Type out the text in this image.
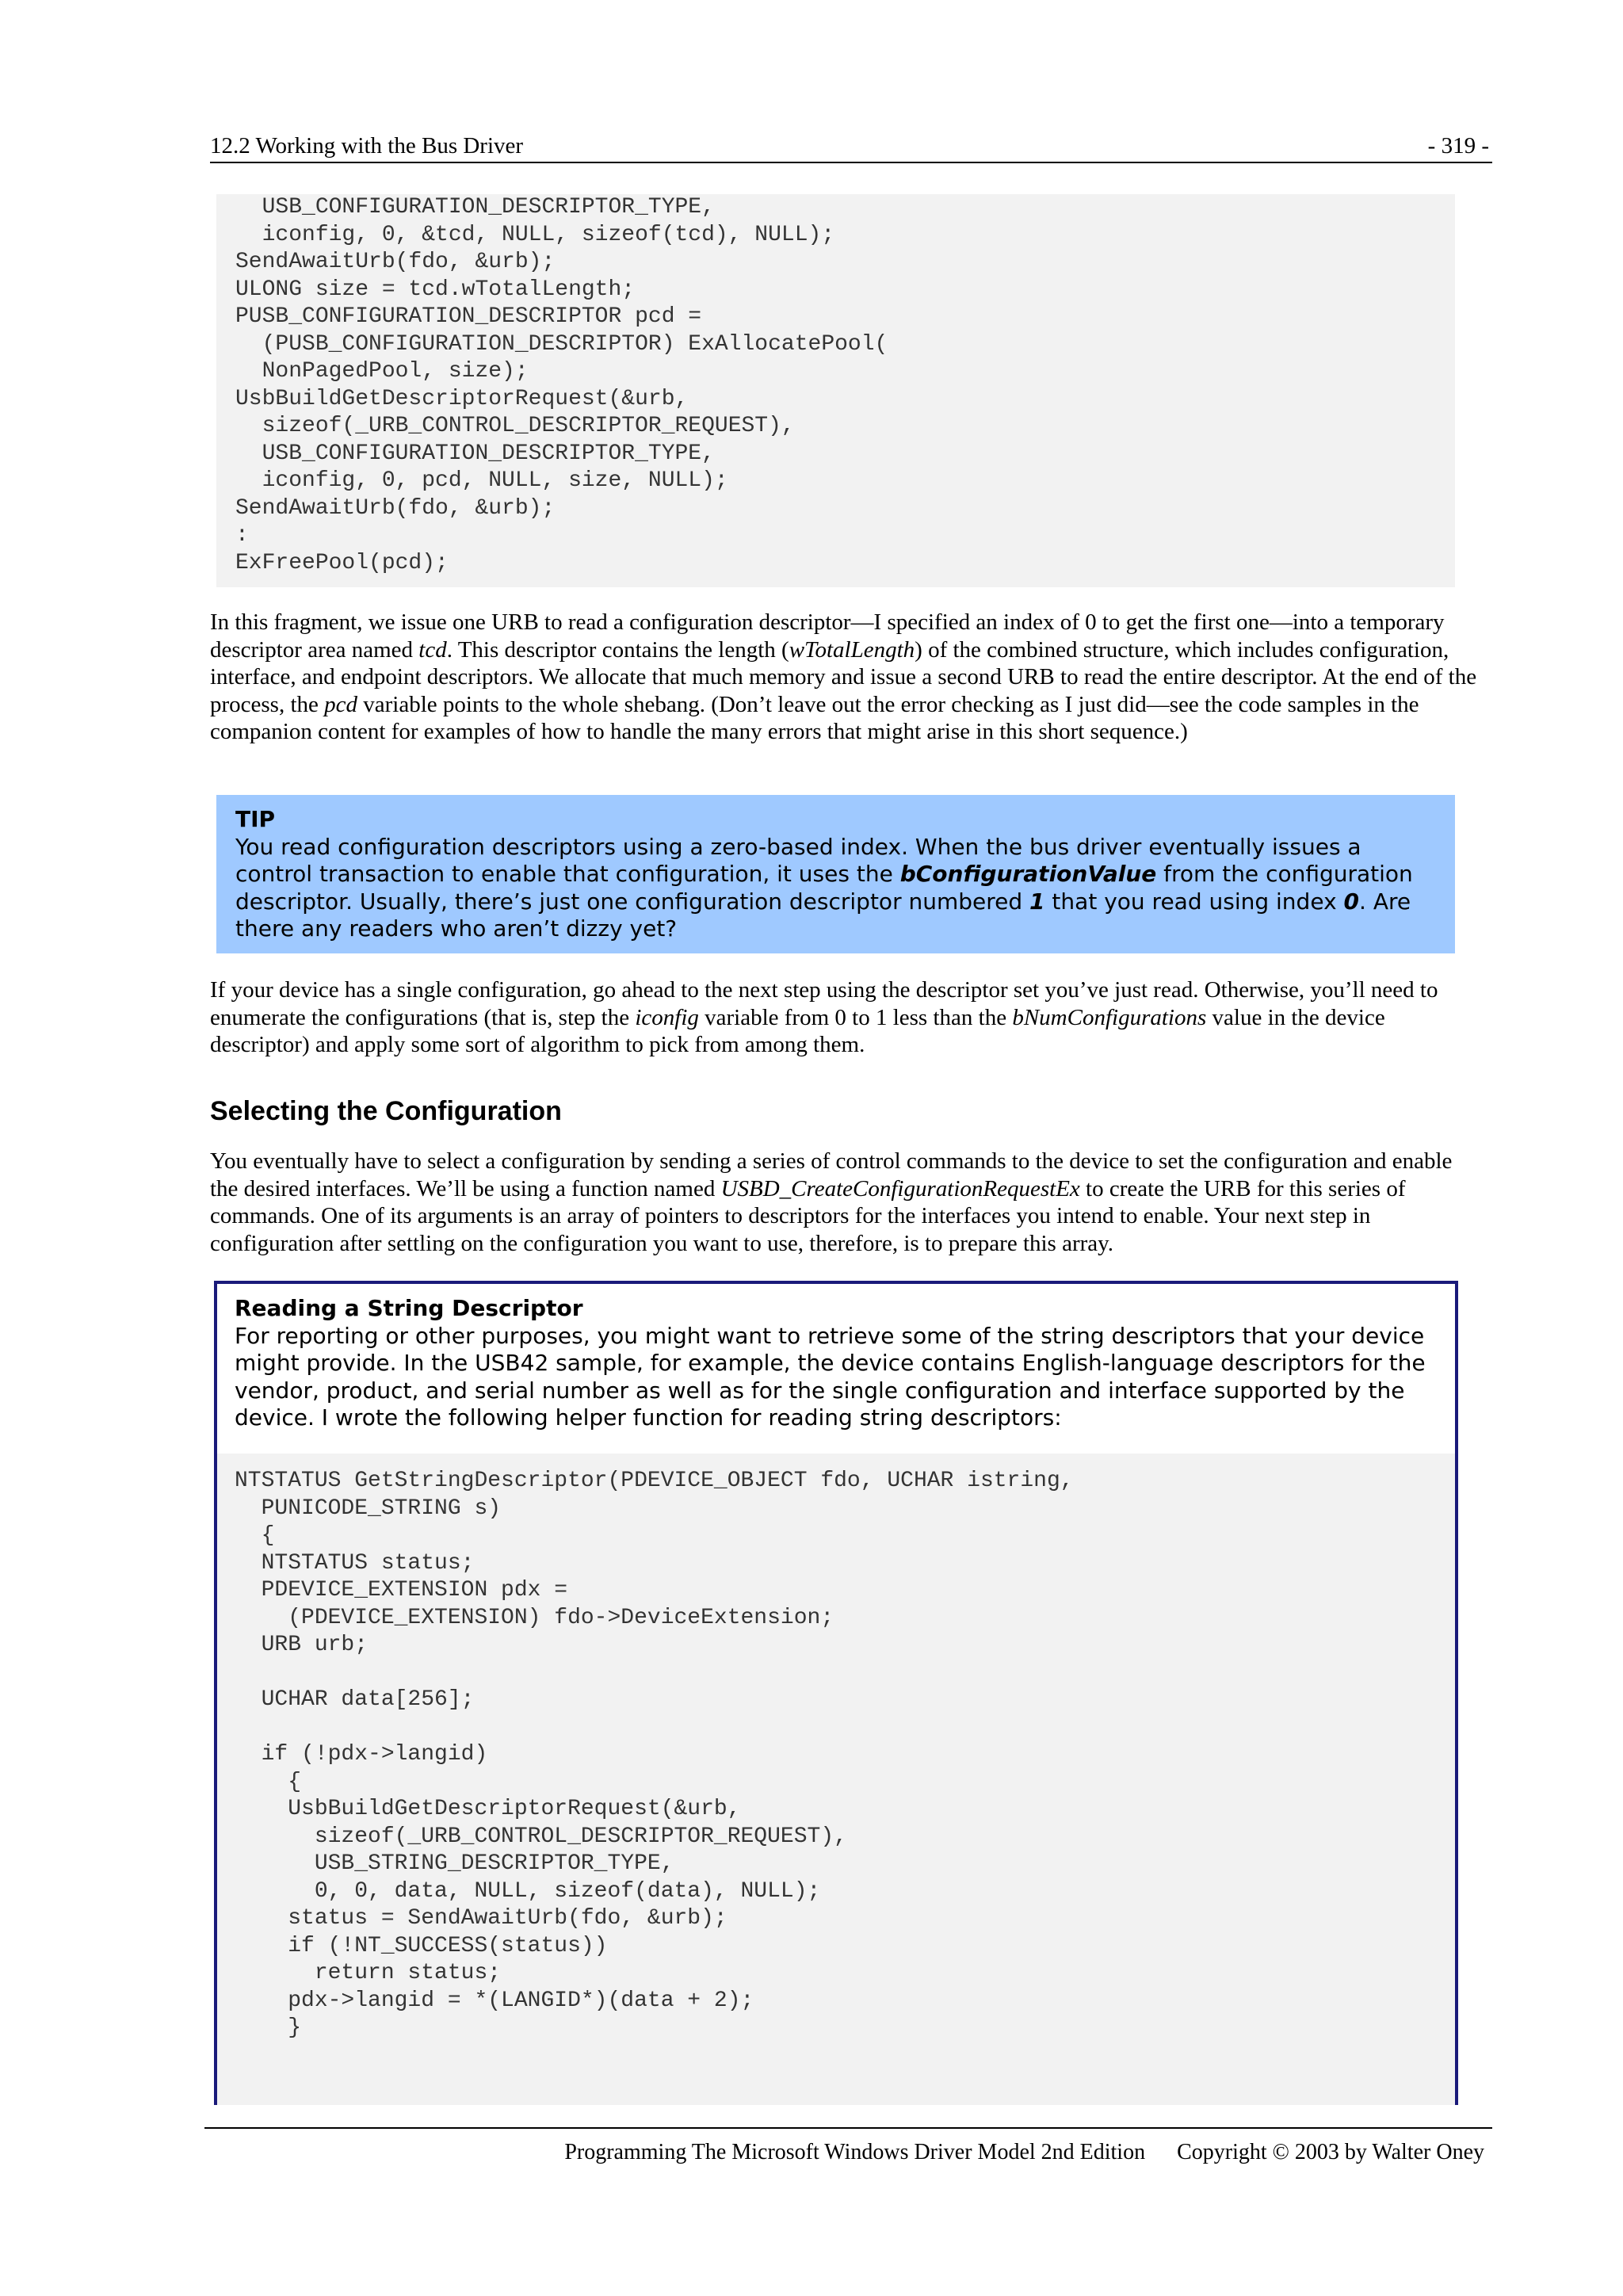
12.2 Working with the Bus Driver	- 319 -
USB_CONFIGURATION_DESCRIPTOR_TYPE,
iconfig, 0, &tcd, NULL, sizeof(tcd), NULL);
SendAwaitUrb(fdo, &urb);
ULONG size = tcd.wTotalLength;
PUSB_CONFIGURATION_DESCRIPTOR pcd =
(PUSB_CONFIGURATION_DESCRIPTOR) ExAllocatePool(
NonPagedPool, size);
UsbBuildGetDescriptorRequest(&urb,
sizeof(_URB_CONTROL_DESCRIPTOR_REQUEST),
USB_CONFIGURATION_DESCRIPTOR_TYPE,
iconfig, 0, pcd, NULL, size, NULL);
SendAwaitUrb(fdo, &urb);
:
ExFreePool(pcd);

In this fragment, we issue one URB to read a configuration descriptor—I specified an index of 0 to get the first one—into a temporary descriptor area named tcd. This descriptor contains the length (wTotalLength) of the combined structure, which includes configuration, interface, and endpoint descriptors. We allocate that much memory and issue a second URB to read the entire descriptor. At the end of the process, the pcd variable points to the whole shebang. (Don’t leave out the error checking as I just did—see the code samples in the companion content for examples of how to handle the many errors that might arise in this short sequence.)

TIP
You read configuration descriptors using a zero-based index. When the bus driver eventually issues a control transaction to enable that configuration, it uses the bConfigurationValue from the configuration descriptor. Usually, there’s just one configuration descriptor numbered 1 that you read using index 0. Are there any readers who aren’t dizzy yet?

If your device has a single configuration, go ahead to the next step using the descriptor set you’ve just read. Otherwise, you’ll need to enumerate the configurations (that is, step the iconfig variable from 0 to 1 less than the bNumConfigurations value in the device descriptor) and apply some sort of algorithm to pick from among them.

Selecting the Configuration

You eventually have to select a configuration by sending a series of control commands to the device to set the configuration and enable the desired interfaces. We’ll be using a function named USBD_CreateConfigurationRequestEx to create the URB for this series of commands. One of its arguments is an array of pointers to descriptors for the interfaces you intend to enable. Your next step in configuration after settling on the configuration you want to use, therefore, is to prepare this array.

Reading a String Descriptor
For reporting or other purposes, you might want to retrieve some of the string descriptors that your device might provide. In the USB42 sample, for example, the device contains English-language descriptors for the vendor, product, and serial number as well as for the single configuration and interface supported by the device. I wrote the following helper function for reading string descriptors:
NTSTATUS GetStringDescriptor(PDEVICE_OBJECT fdo, UCHAR istring,
PUNICODE_STRING s)
{
NTSTATUS status;
PDEVICE_EXTENSION pdx =
(PDEVICE_EXTENSION) fdo->DeviceExtension;
URB urb;

UCHAR data[256];

if (!pdx->langid)
{
UsbBuildGetDescriptorRequest(&urb,
sizeof(_URB_CONTROL_DESCRIPTOR_REQUEST),
USB_STRING_DESCRIPTOR_TYPE,
0, 0, data, NULL, sizeof(data), NULL);
status = SendAwaitUrb(fdo, &urb);
if (!NT_SUCCESS(status))
return status;
pdx->langid = *(LANGID*)(data + 2);
}
Programming The Microsoft Windows Driver Model 2nd Edition Copyright © 2003 by Walter Oney
